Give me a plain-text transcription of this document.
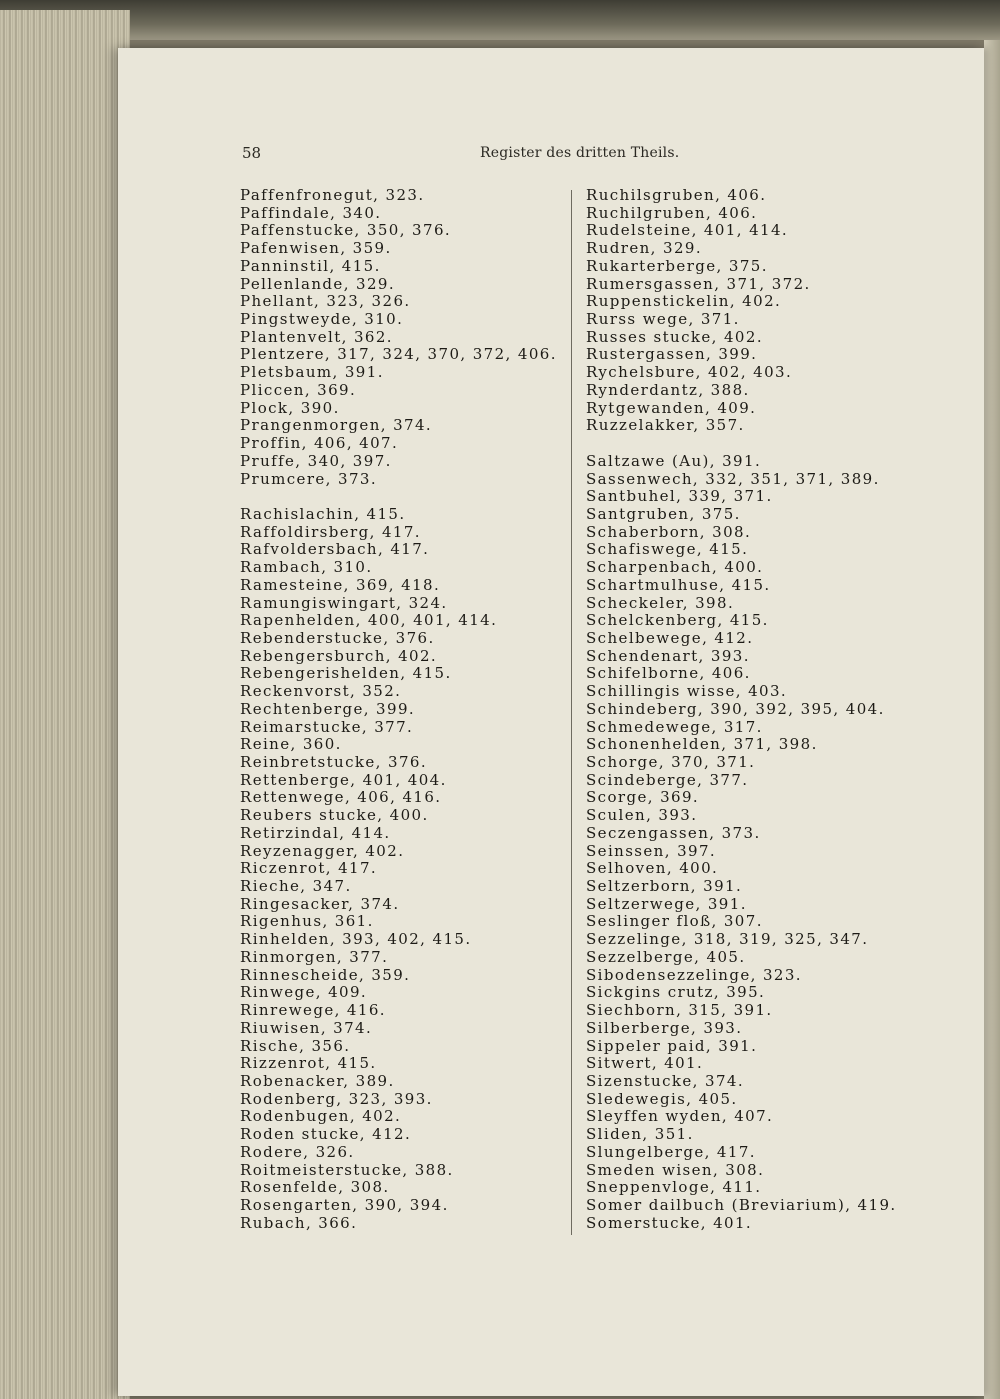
58	Register des dritten Theils.
Paffenfronegut, 323.
Paffindale, 340.
Paffenstucke, 350, 376.
Pafenwisen, 359.
Panninstil, 415.
Pellenlande, 329.
Phellant, 323, 326.
Pingstweyde, 310.
Plantenvelt, 362.
Plentzere, 317, 324, 370, 372, 406.
Pletsbaum, 391.
Pliccen, 369.
Plock, 390.
Prangenmorgen, 374.
Proffin, 406, 407.
Pruffe, 340, 397.
Prumcere, 373.
Rachislachin, 415.
Raffoldirsberg, 417.
Rafvoldersbach, 417.
Rambach, 310.
Ramesteine, 369, 418.
Ramungiswingart, 324.
Rapenhelden, 400, 401, 414.
Rebenderstucke, 376.
Rebengersburch, 402.
Rebengerishelden, 415.
Reckenvorst, 352.
Rechtenberge, 399.
Reimarstucke, 377.
Reine, 360.
Reinbretstucke, 376.
Rettenberge, 401, 404.
Rettenwege, 406, 416.
Reubers stucke, 400.
Retirzindal, 414.
Reyzenagger, 402.
Riczenrot, 417.
Rieche, 347.
Ringesacker, 374.
Rigenhus, 361.
Rinhelden, 393, 402, 415.
Rinmorgen, 377.
Rinnescheide, 359.
Rinwege, 409.
Rinrewege, 416.
Riuwisen, 374.
Rische, 356.
Rizzenrot, 415.
Robenacker, 389.
Rodenberg, 323, 393.
Rodenbugen, 402.
Roden stucke, 412.
Rodere, 326.
Roitmeisterstucke, 388.
Rosenfelde, 308.
Rosengarten, 390, 394.
Rubach, 366.
Ruchilsgruben, 406.
Ruchilgruben, 406.
Rudelsteine, 401, 414.
Rudren, 329.
Rukarterberge, 375.
Rumersgassen, 371, 372.
Ruppenstickelin, 402.
Rurss wege, 371.
Russes stucke, 402.
Rustergassen, 399.
Rychelsbure, 402, 403.
Rynderdantz, 388.
Rytgewanden, 409.
Ruzzelakker, 357.
Saltzawe (Au), 391.
Sassenwech, 332, 351, 371, 389.
Santbuhel, 339, 371.
Santgruben, 375.
Schaberborn, 308.
Schafiswege, 415.
Scharpenbach, 400.
Schartmulhuse, 415.
Scheckeler, 398.
Schelckenberg, 415.
Schelbewege, 412.
Schendenart, 393.
Schifelborne, 406.
Schillingis wisse, 403.
Schindeberg, 390, 392, 395, 404.
Schmedewege, 317.
Schonenhelden, 371, 398.
Schorge, 370, 371.
Scindeberge, 377.
Scorge, 369.
Sculen, 393.
Seczengassen, 373.
Seinssen, 397.
Selhoven, 400.
Seltzerborn, 391.
Seltzerwege, 391.
Seslinger floß, 307.
Sezzelinge, 318, 319, 325, 347.
Sezzelberge, 405.
Sibodensezzelinge, 323.
Sickgins crutz, 395.
Siechborn, 315, 391.
Silberberge, 393.
Sippeler paid, 391.
Sitwert, 401.
Sizenstucke, 374.
Sledewegis, 405.
Sleyffen wyden, 407.
Sliden, 351.
Slungelberge, 417.
Smeden wisen, 308.
Sneppenvloge, 411.
Somer dailbuch (Breviarium), 419.
Somerstucke, 401.
